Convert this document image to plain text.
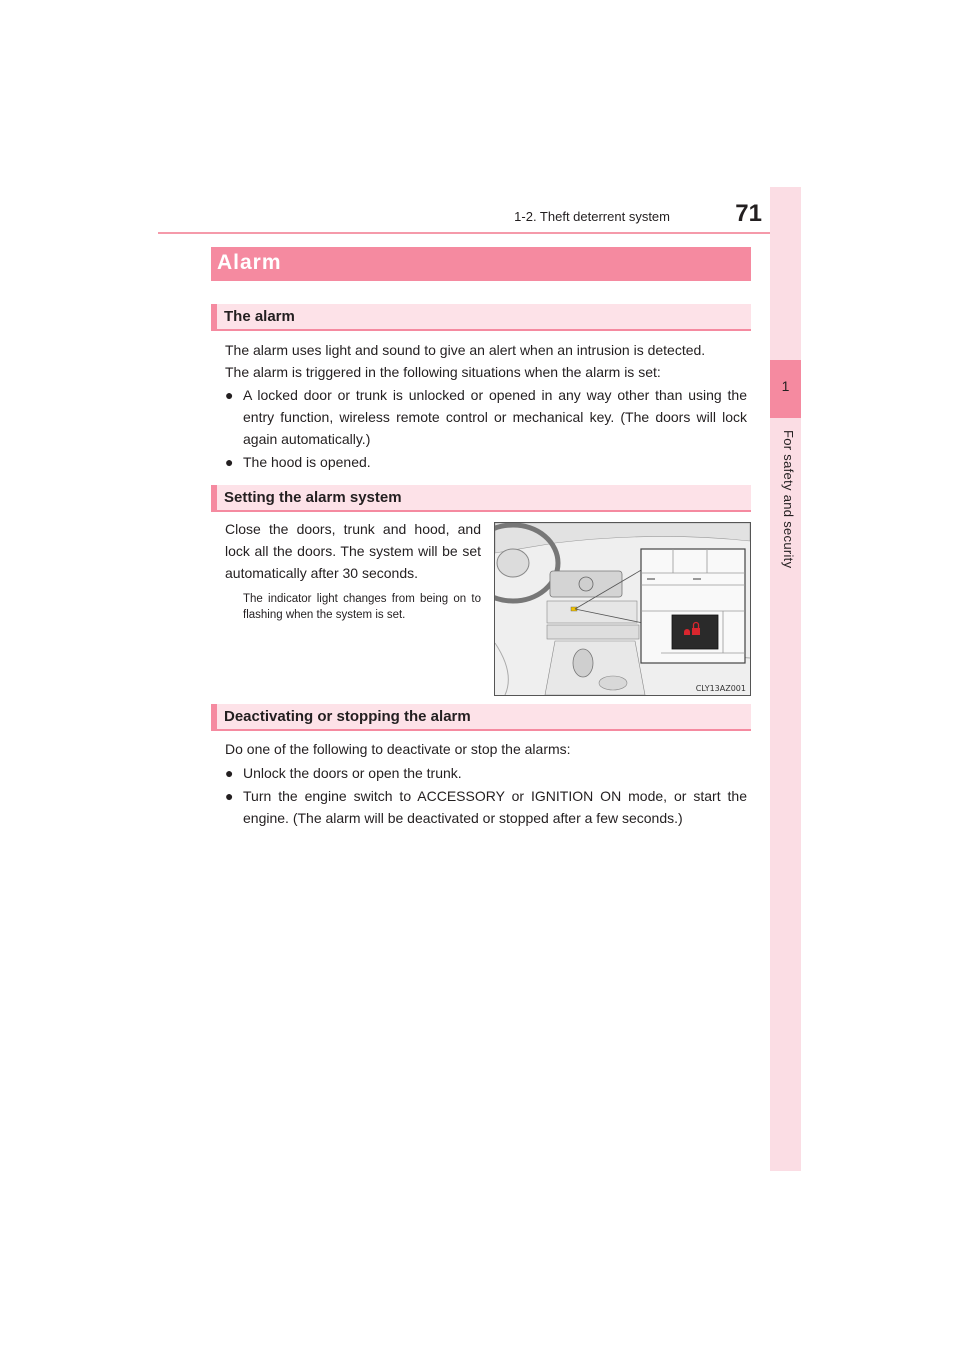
1-2. Theft deterrent system	71
1
For safety and security
Alarm
The alarm
The alarm uses light and sound to give an alert when an intrusion is detected.
The alarm is triggered in the following situations when the alarm is set:
● A locked door or trunk is unlocked or opened in any way other than using the entry function, wireless remote control or mechanical key. (The doors will lock again automatically.)
● The hood is opened.
Setting the alarm system
Close the doors, trunk and hood, and lock all the doors. The system will be set automatically after 30 seconds.
The indicator light changes from being on to flashing when the system is set.
CLY13AZ001
Deactivating or stopping the alarm
Do one of the following to deactivate or stop the alarms:
● Unlock the doors or open the trunk.
● Turn the engine switch to ACCESSORY or IGNITION ON mode, or start the engine. (The alarm will be deactivated or stopped after a few seconds.)
